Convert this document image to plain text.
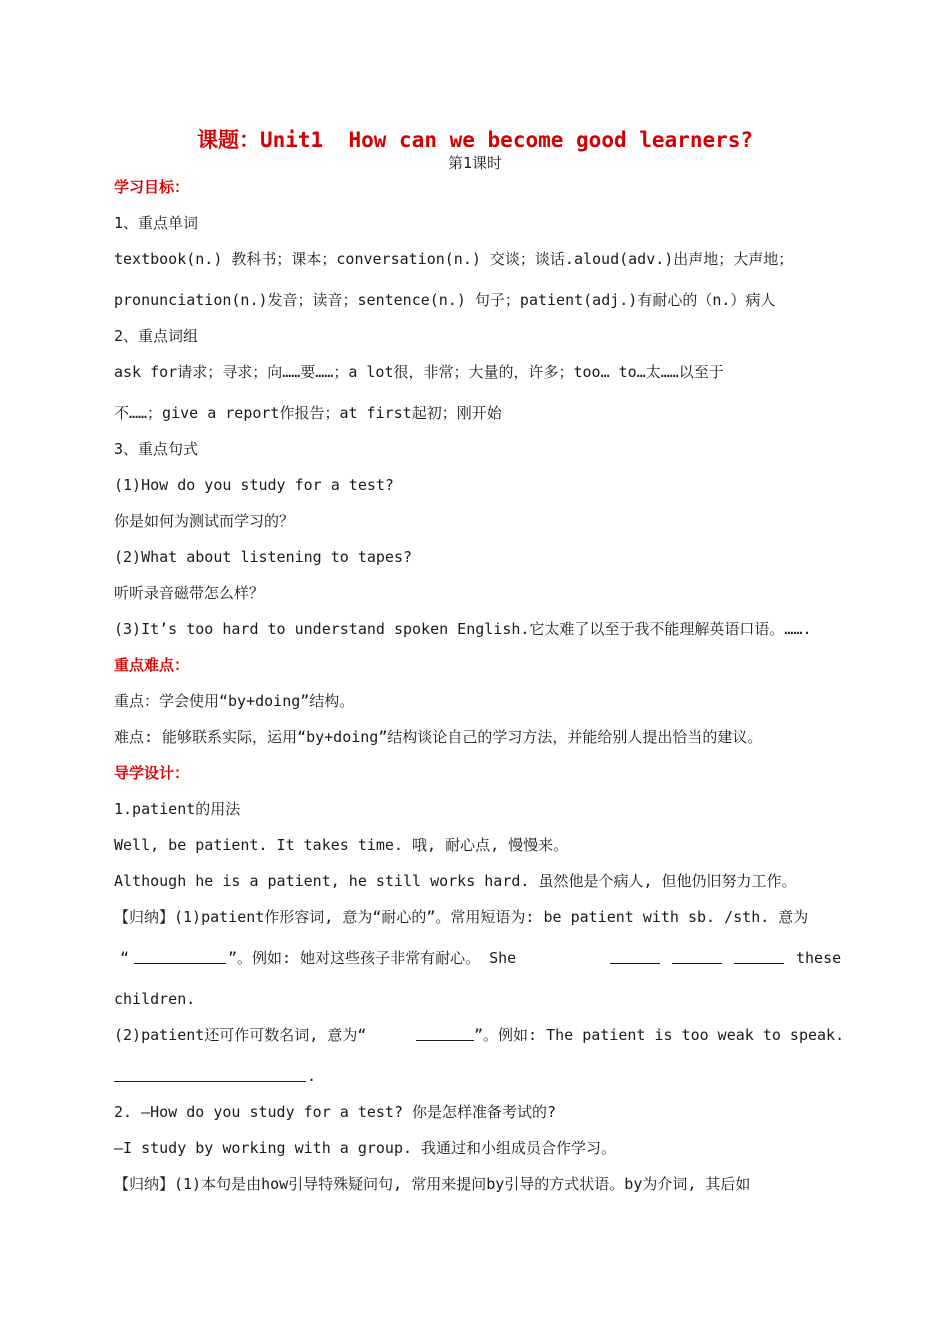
课题：Unit1  How can we become good learners?
第1课时
学习目标：
1、重点单词
textbook(n.) 教科书；课本；conversation(n.) 交谈；谈话.aloud(adv.)出声地；大声地；
pronunciation(n.)发音；读音；sentence(n.) 句子；patient(adj.)有耐心的（n.）病人
2、重点词组
ask for请求；寻求；向……要……；a lot很，非常；大量的，许多；too… to…太……以至于
不……；give a report作报告；at first起初；刚开始
3、重点句式
(1)How do you study for a test?
你是如何为测试而学习的？
(2)What about listening to tapes?
听听录音磁带怎么样？
(3)It’s too hard to understand spoken English.它太难了以至于我不能理解英语口语。…….
重点难点：
重点：学会使用“by+doing”结构。
难点: 能够联系实际，运用“by+doing”结构谈论自己的学习方法，并能给别人提出恰当的建议。
导学设计：
1.patient的用法
Well, be patient. It takes time. 哦, 耐心点, 慢慢来。
Although he is a patient, he still works hard. 虽然他是个病人, 但他仍旧努力工作。
【归纳】(1)patient作形容词, 意为“耐心的”。常用短语为: be patient with sb. /sth. 意为
“	”。例如: 她对这些孩子非常有耐心。 She	these
children.
(2)patient还可作可数名词, 意为“	”。例如: The patient is too weak to speak.
.
2. —How do you study for a test? 你是怎样准备考试的?
—I study by working with a group. 我通过和小组成员合作学习。
【归纳】(1)本句是由how引导特殊疑问句, 常用来提问by引导的方式状语。by为介词, 其后如
